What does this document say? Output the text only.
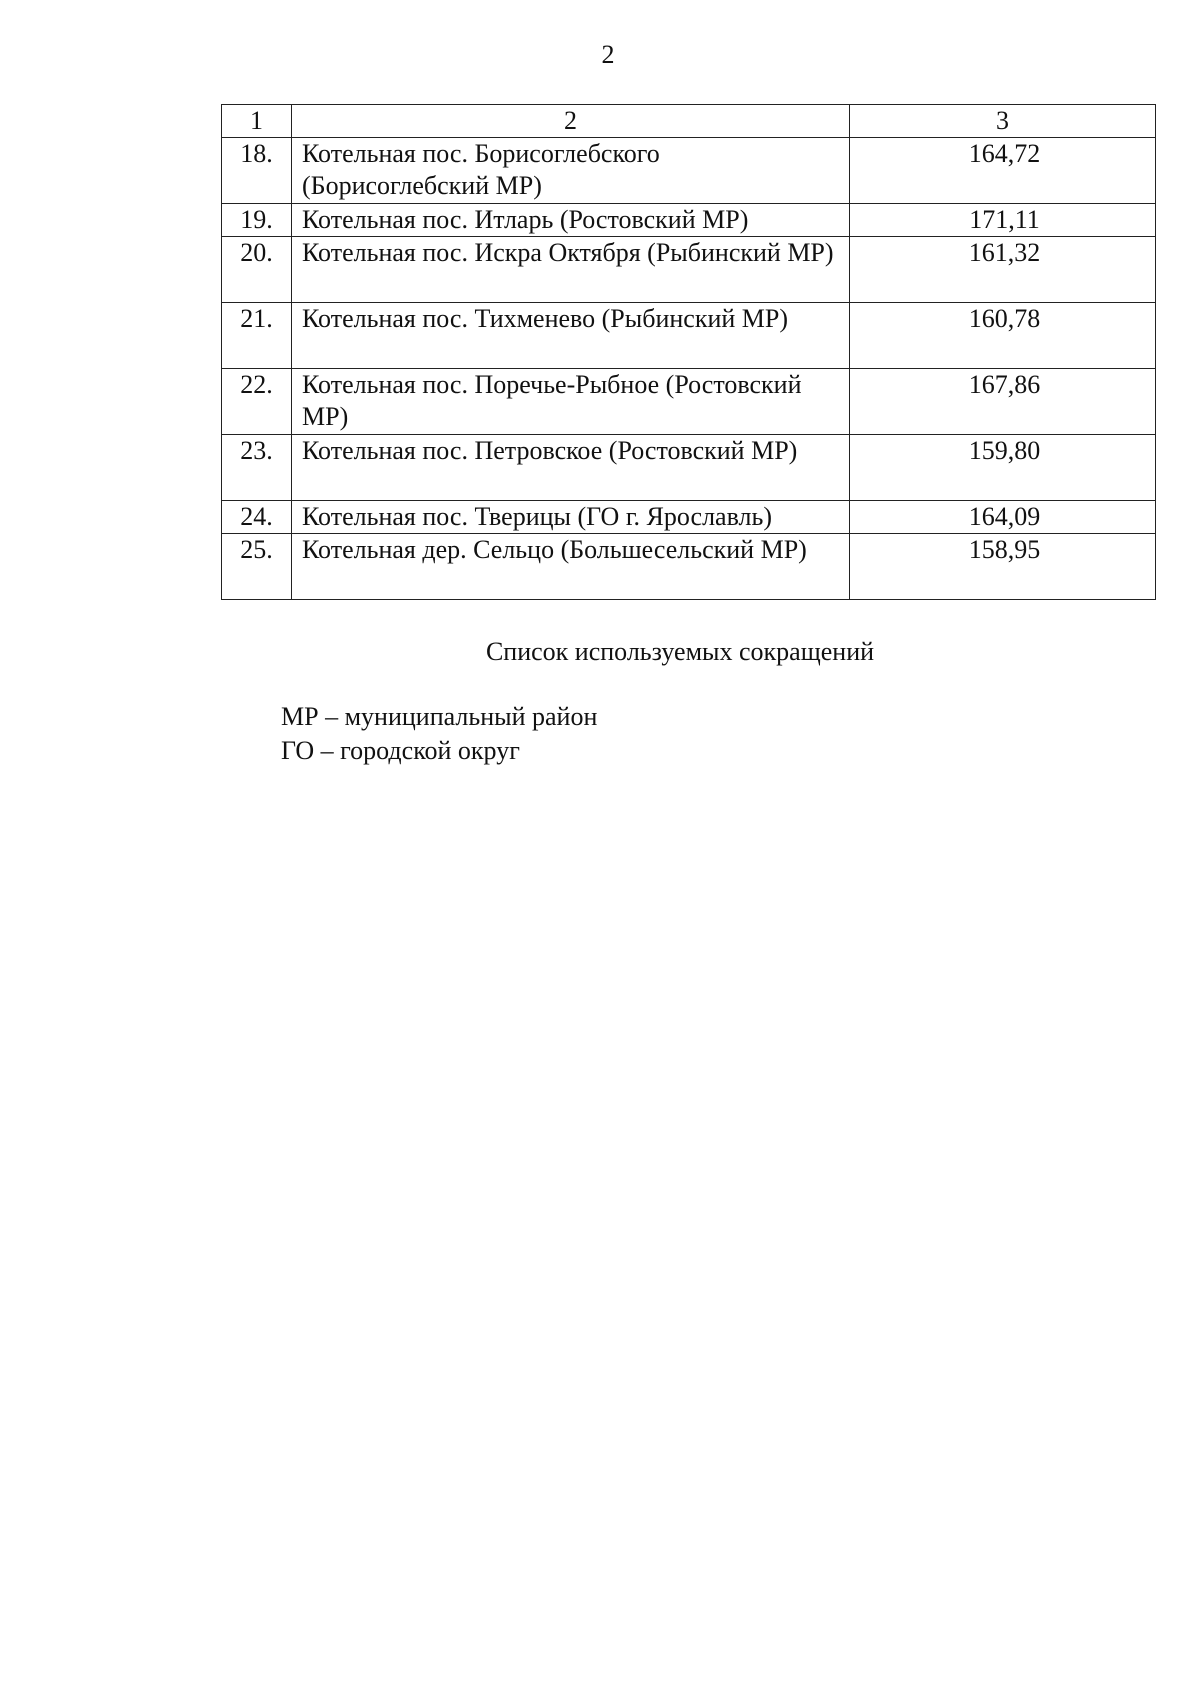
2
1	2	3
18.	Котельная пос. Борисоглебского (Борисоглебский МР)	164,72
19.	Котельная пос. Итларь (Ростовский МР)	171,11
20.	Котельная пос. Искра Октября (Рыбинский МР)	161,32
21.	Котельная пос. Тихменево (Рыбинский МР)	160,78
22.	Котельная пос. Поречье-Рыбное (Ростовский МР)	167,86
23.	Котельная пос. Петровское (Ростовский МР)	159,80
24.	Котельная пос. Тверицы (ГО г. Ярославль)	164,09
25.	Котельная дер. Сельцо (Большесельский МР)	158,95
Список используемых сокращений
МР – муниципальный район
ГО – городской округ
